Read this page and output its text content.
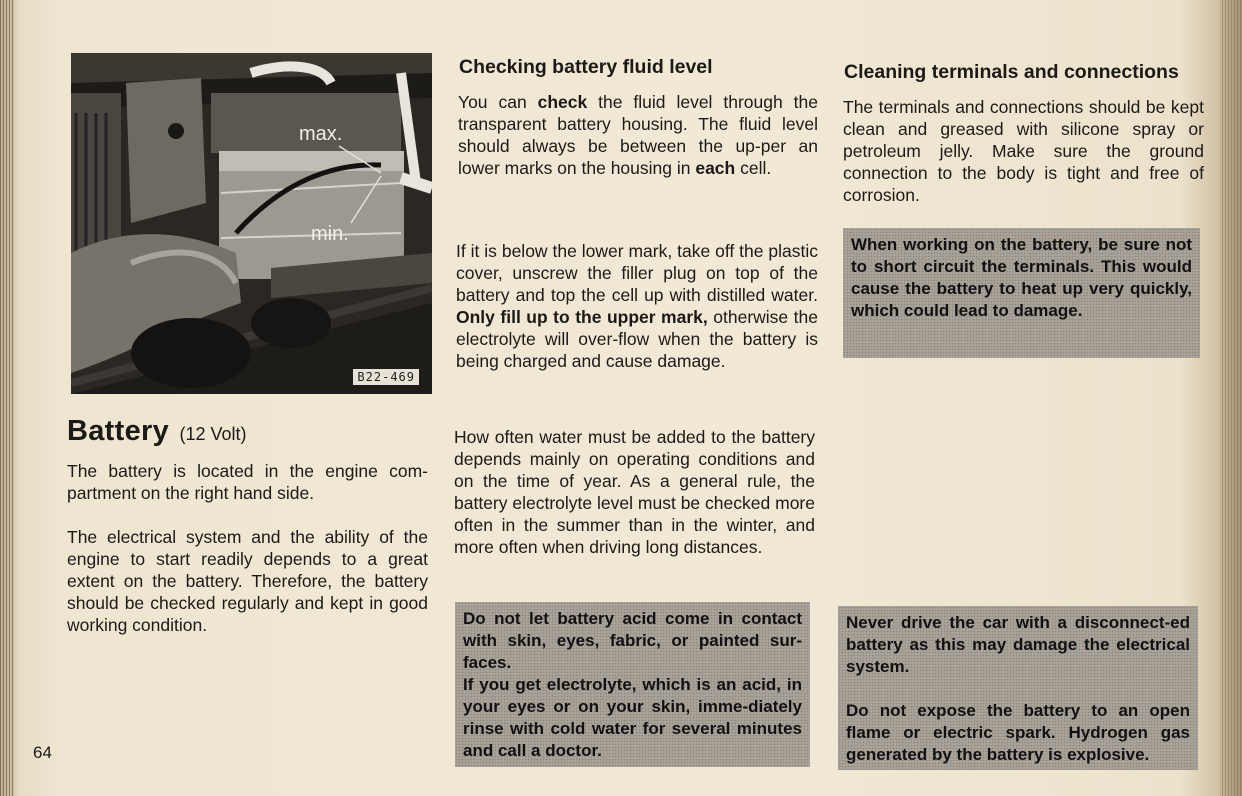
max.
min.
B22-469
Battery (12 Volt)

The battery is located in the engine com-partment on the right hand side.

The electrical system and the ability of the engine to start readily depends to a great extent on the battery. Therefore, the battery should be checked regularly and kept in good working condition.

Checking battery fluid level

You can check the fluid level through the transparent battery housing. The fluid level should always be between the up-per an lower marks on the housing in each cell.

If it is below the lower mark, take off the plastic cover, unscrew the filler plug on top of the battery and top the cell up with distilled water. Only fill up to the upper mark, otherwise the electrolyte will over-flow when the battery is being charged and cause damage.

How often water must be added to the battery depends mainly on operating conditions and on the time of year. As a general rule, the battery electrolyte level must be checked more often in the summer than in the winter, and more often when driving long distances.

Do not let battery acid come in contact with skin, eyes, fabric, or painted sur-faces.

If you get electrolyte, which is an acid, in your eyes or on your skin, imme-diately rinse with cold water for several minutes and call a doctor.

Cleaning terminals and connections

The terminals and connections should be kept clean and greased with silicone spray or petroleum jelly. Make sure the ground connection to the body is tight and free of corrosion.

When working on the battery, be sure not to short circuit the terminals. This would cause the battery to heat up very quickly, which could lead to damage.

Never drive the car with a disconnect-ed battery as this may damage the electrical system.

Do not expose the battery to an open flame or electric spark. Hydrogen gas generated by the battery is explosive.

64
